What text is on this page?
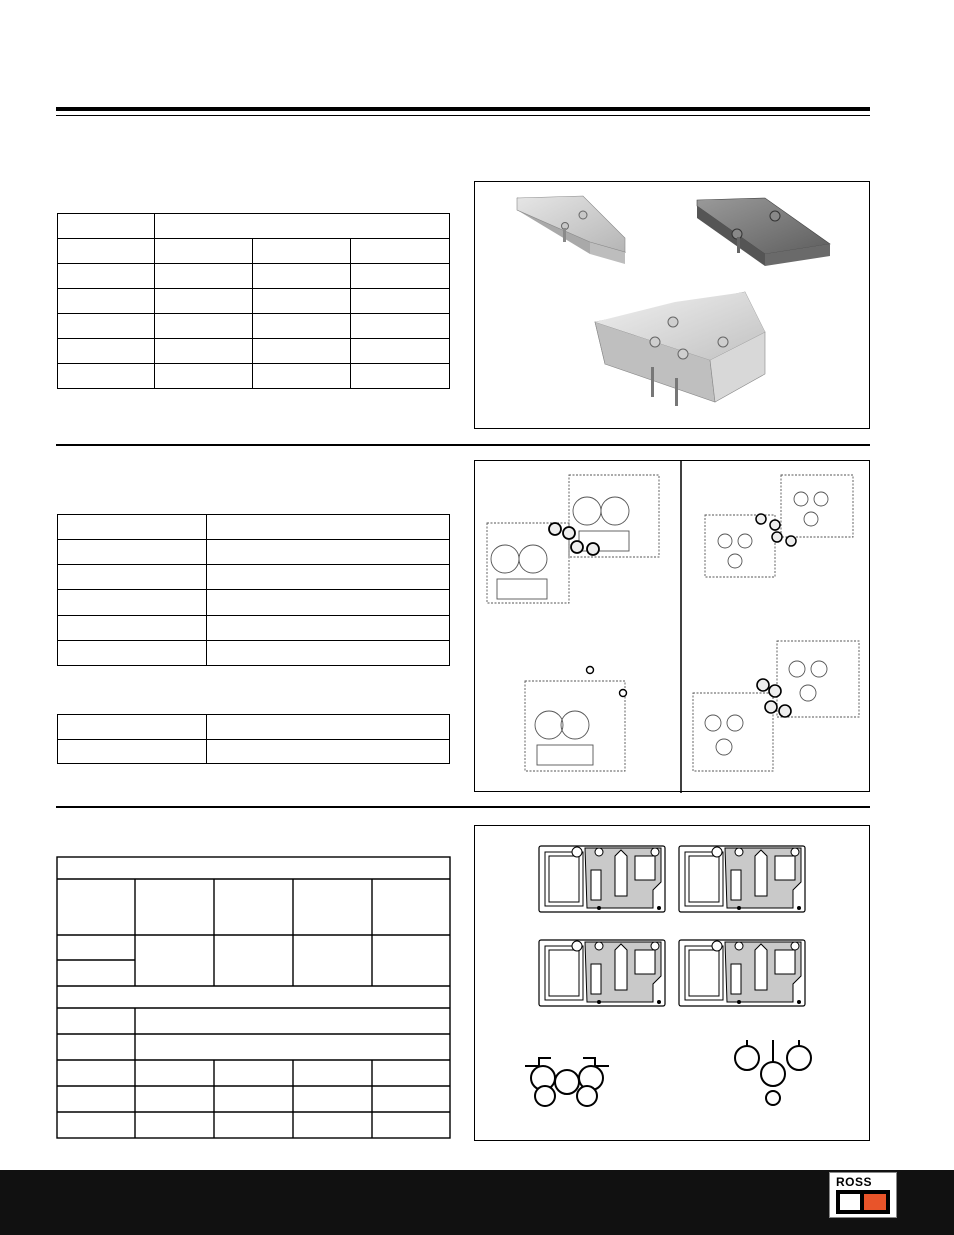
ROSS
